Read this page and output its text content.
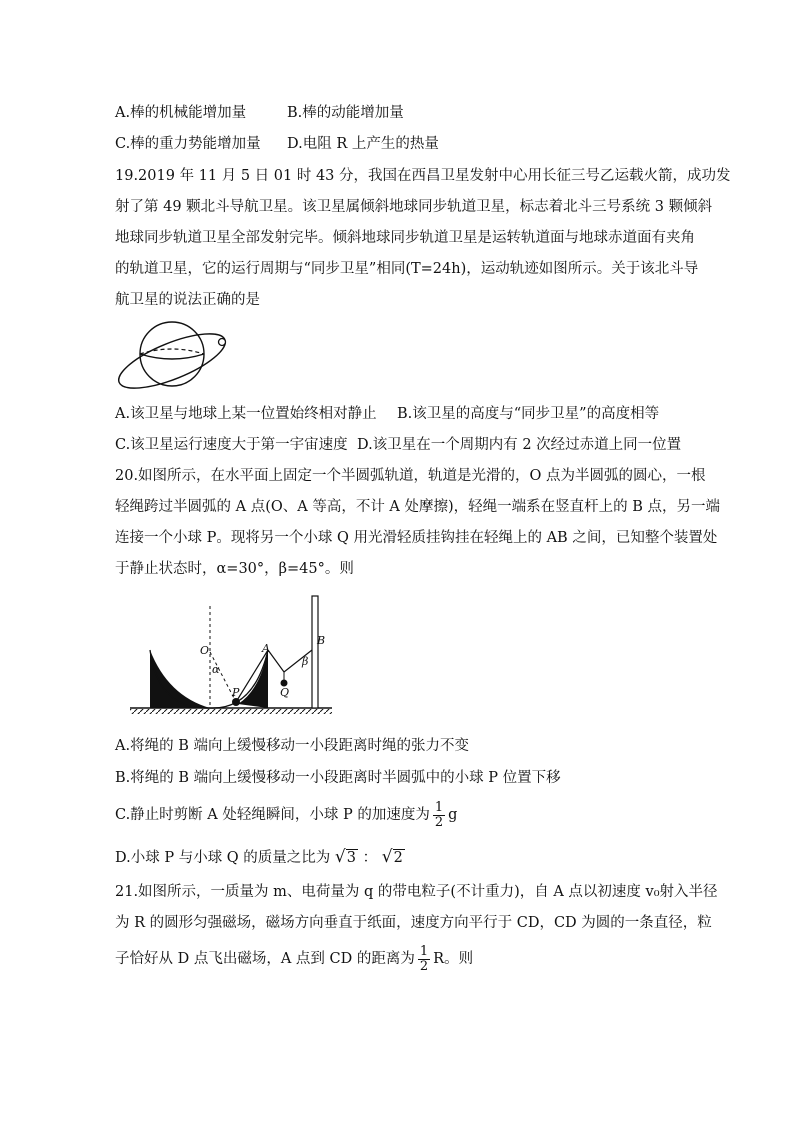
A.棒的机械能增加量	B.棒的动能增加量
C.棒的重力势能增加量 D.电阻 R 上产生的热量
19.2019 年 11 月 5 日 01 时 43 分，我国在西昌卫星发射中心用长征三号乙运载火箭，成功发
射了第 49 颗北斗导航卫星。该卫星属倾斜地球同步轨道卫星，标志着北斗三号系统 3 颗倾斜
地球同步轨道卫星全部发射完毕。倾斜地球同步轨道卫星是运转轨道面与地球赤道面有夹角
的轨道卫星，它的运行周期与“同步卫星”相同(T=24h)，运动轨迹如图所示。关于该北斗导
航卫星的说法正确的是
A.该卫星与地球上某一位置始终相对静止 B.该卫星的高度与“同步卫星”的高度相等
C.该卫星运行速度大于第一宇宙速度 D.该卫星在一个周期内有 2 次经过赤道上同一位置
20.如图所示，在水平面上固定一个半圆弧轨道，轨道是光滑的，O 点为半圆弧的圆心，一根
轻绳跨过半圆弧的 A 点(O、A 等高，不计 A 处摩擦)，轻绳一端系在竖直杆上的 B 点，另一端
连接一个小球 P。现将另一个小球 Q 用光滑轻质挂钩挂在轻绳上的 AB 之间，已知整个装置处
于静止状态时，α=30°，β=45°。则
O
α
A
P	Q
β
B
A.将绳的 B 端向上缓慢移动一小段距离时绳的张力不变
B.将绳的 B 端向上缓慢移动一小段距离时半圆弧中的小球 P 位置下移
C.静止时剪断 A 处轻绳瞬间，小球 P 的加速度为 $\frac{1}{2}$ g
D.小球 P 与小球 Q 的质量之比为 √3 ： √2
21.如图所示，一质量为 m、电荷量为 q 的带电粒子(不计重力)，自 A 点以初速度 v₀射入半径
为 R 的圆形匀强磁场，磁场方向垂直于纸面，速度方向平行于 CD，CD 为圆的一条直径，粒
子恰好从 D 点飞出磁场，A 点到 CD 的距离为 $\frac{1}{2}$ R。则
